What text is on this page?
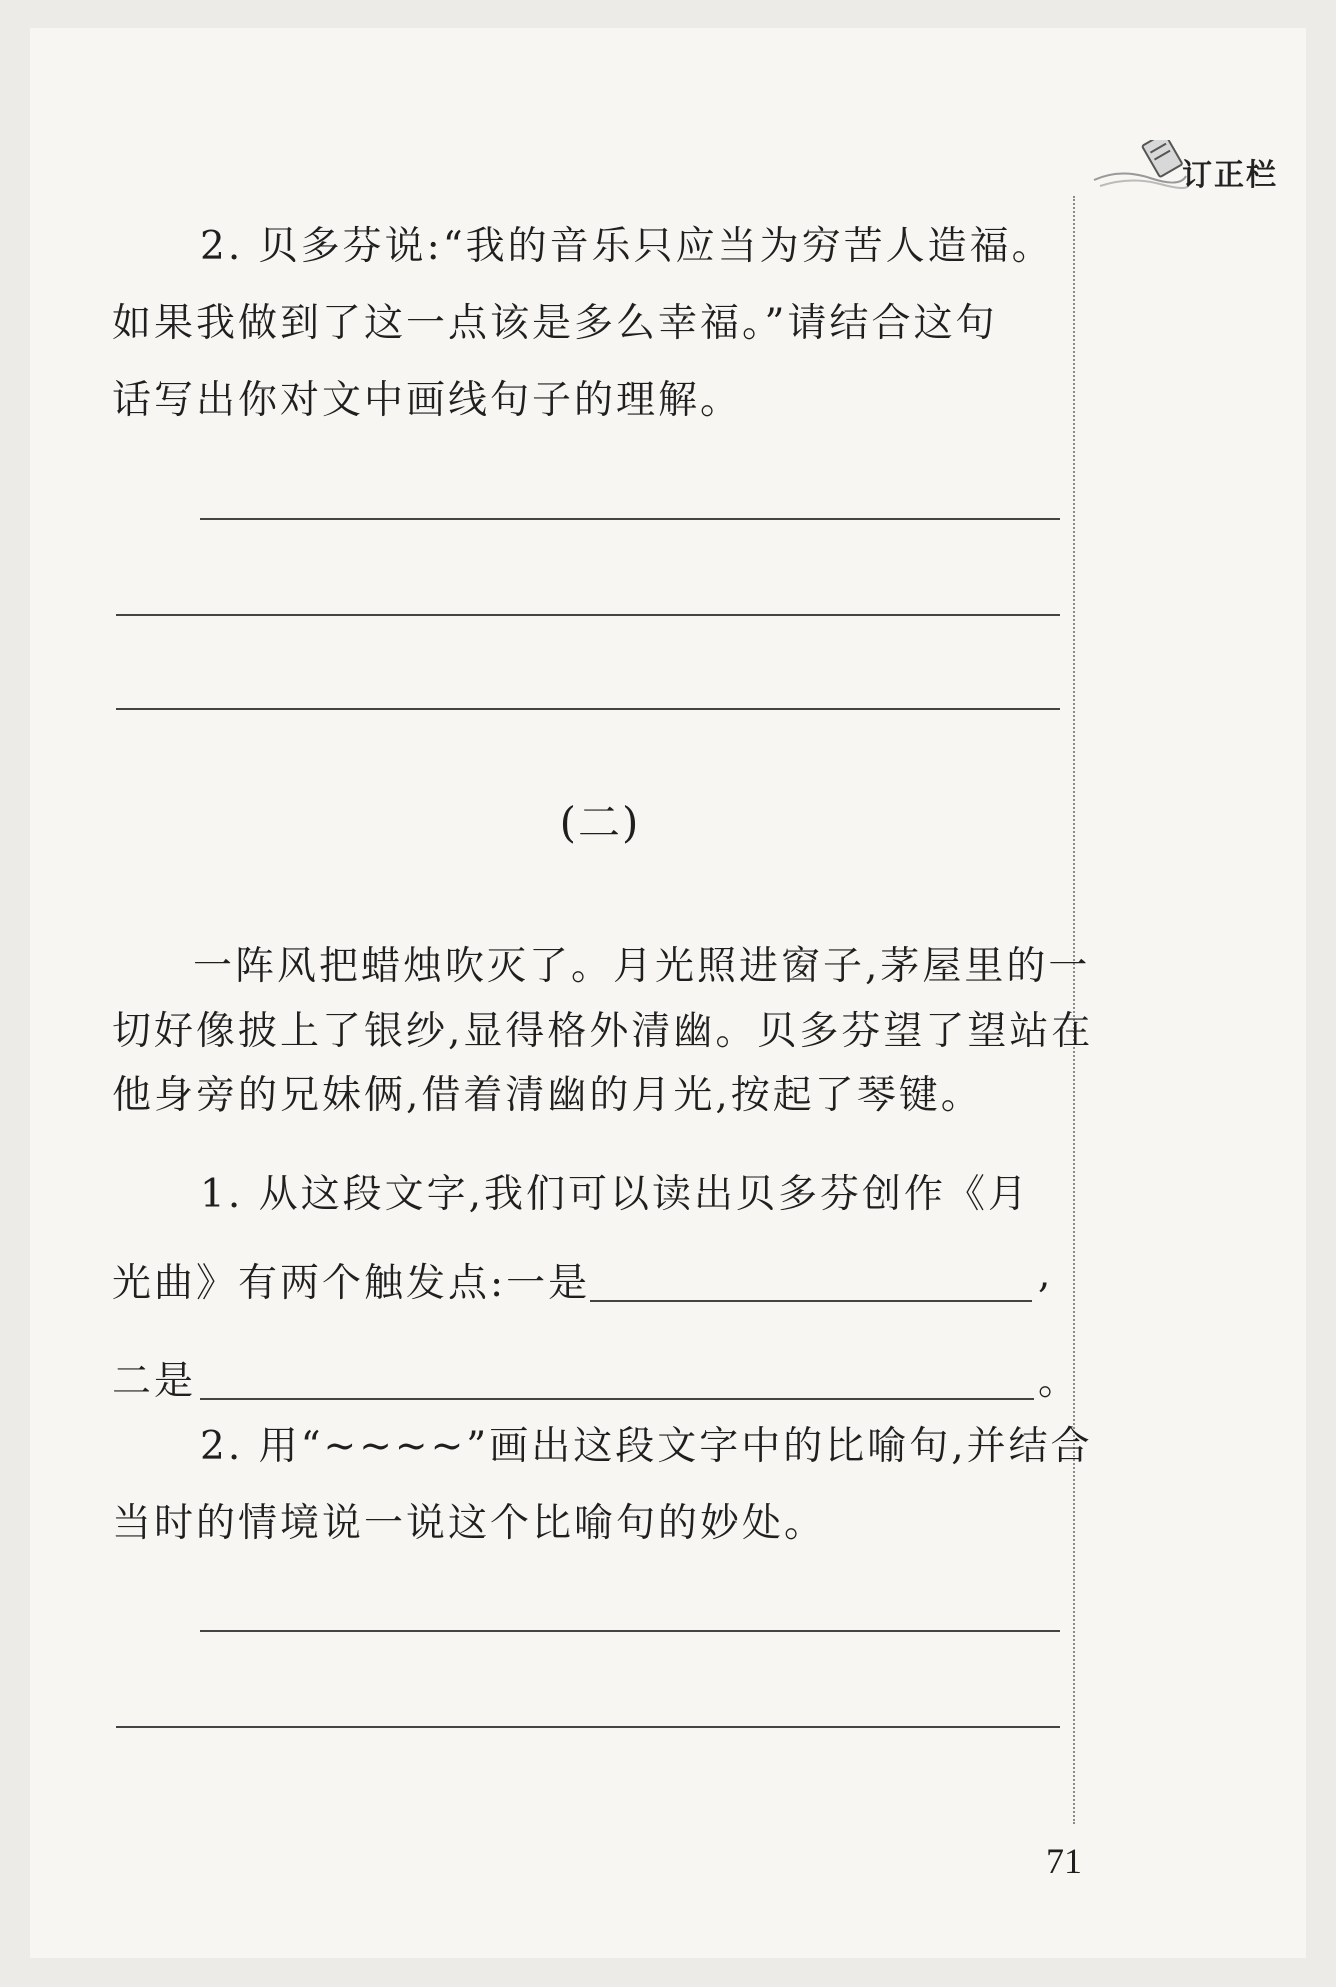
订正栏
2. 贝多芬说:“我的音乐只应当为穷苦人造福。
如果我做到了这一点该是多么幸福。”请结合这句
话写出你对文中画线句子的理解。
(二)
一阵风把蜡烛吹灭了。月光照进窗子,茅屋里的一
切好像披上了银纱,显得格外清幽。贝多芬望了望站在
他身旁的兄妹俩,借着清幽的月光,按起了琴键。
1. 从这段文字,我们可以读出贝多芬创作《月
光曲》有两个触发点:一是	,
二是	。
2. 用“~~~~”画出这段文字中的比喻句,并结合
当时的情境说一说这个比喻句的妙处。
71
